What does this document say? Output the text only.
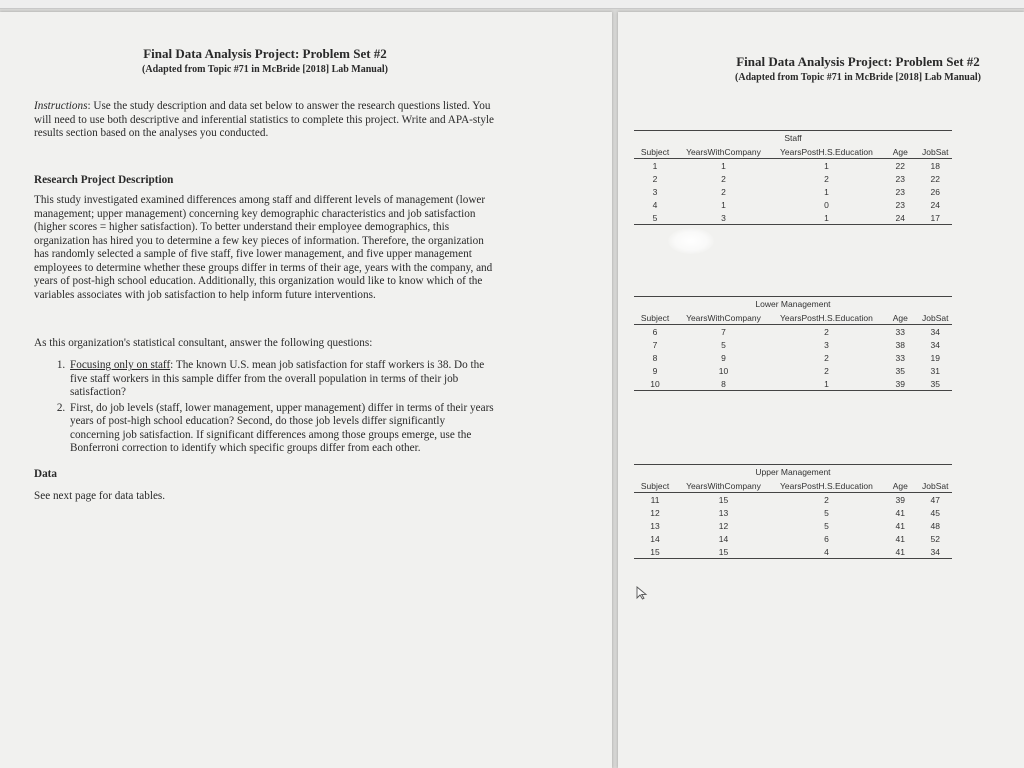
Final Data Analysis Project: Problem Set #2
(Adapted from Topic #71 in McBride [2018] Lab Manual)
Instructions: Use the study description and data set below to answer the research questions listed. You will need to use both descriptive and inferential statistics to complete this project. Write and APA-style results section based on the analyses you conducted.
Research Project Description
This study investigated examined differences among staff and different levels of management (lower management; upper management) concerning key demographic characteristics and job satisfaction (higher scores = higher satisfaction). To better understand their employee demographics, this organization has hired you to determine a few key pieces of information. Therefore, the organization has randomly selected a sample of five staff, five lower management, and five upper management employees to determine whether these groups differ in terms of their age, years with the company, and years of post-high school education. Additionally, this organization would like to know which of the variables associates with job satisfaction to help inform future interventions.
As this organization's statistical consultant, answer the following questions:
1. Focusing only on staff: The known U.S. mean job satisfaction for staff workers is 38. Do the five staff workers in this sample differ from the overall population in terms of their job satisfaction?
2. First, do job levels (staff, lower management, upper management) differ in terms of their years years of post-high school education? Second, do those job levels differ significantly concerning job satisfaction. If significant differences among those groups emerge, use the Bonferroni correction to identify which specific groups differ from each other.
Data
See next page for data tables.
Final Data Analysis Project: Problem Set #2
(Adapted from Topic #71 in McBride [2018] Lab Manual)
Staff
Subject	YearsWithCompany	YearsPostH.S.Education	Age	JobSat
1	1	1	22	18
2	2	2	23	22
3	2	1	23	26
4	1	0	23	24
5	3	1	24	17
Lower Management
Subject	YearsWithCompany	YearsPostH.S.Education	Age	JobSat
6	7	2	33	34
7	5	3	38	34
8	9	2	33	19
9	10	2	35	31
10	8	1	39	35
Upper Management
Subject	YearsWithCompany	YearsPostH.S.Education	Age	JobSat
11	15	2	39	47
12	13	5	41	45
13	12	5	41	48
14	14	6	41	52
15	15	4	41	34
